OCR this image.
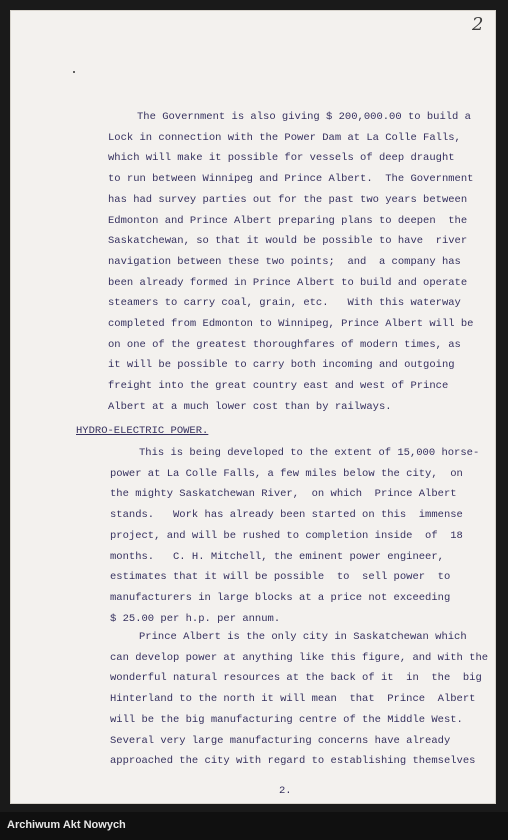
2

The Government is also giving $ 200,000.00 to build a

Lock in connection with the Power Dam at La Colle Falls,

which will make it possible for vessels of deep draught

to run between Winnipeg and Prince Albert.  The Government

has had survey parties out for the past two years between

Edmonton and Prince Albert preparing plans to deepen  the

Saskatchewan, so that it would be possible to have  river

navigation between these two points;  and  a company has

been already formed in Prince Albert to build and operate

steamers to carry coal, grain, etc.   With this waterway

completed from Edmonton to Winnipeg, Prince Albert will be

on one of the greatest thoroughfares of modern times, as

it will be possible to carry both incoming and outgoing

freight into the great country east and west of Prince

Albert at a much lower cost than by railways.

HYDRO-ELECTRIC POWER.

This is being developed to the extent of 15,000 horse-

power at La Colle Falls, a few miles below the city,  on

the mighty Saskatchewan River,  on which  Prince Albert

stands.   Work has already been started on this  immense

project, and will be rushed to completion inside  of  18

months.   C. H. Mitchell, the eminent power engineer,

estimates that it will be possible  to  sell power  to

manufacturers in large blocks at a price not exceeding

$ 25.00 per h.p. per annum.

Prince Albert is the only city in Saskatchewan which

can develop power at anything like this figure, and with the

wonderful natural resources at the back of it  in  the  big

Hinterland to the north it will mean  that  Prince  Albert

will be the big manufacturing centre of the Middle West.

Several very large manufacturing concerns have already

approached the city with regard to establishing themselves

2.
Archiwum Akt Nowych
